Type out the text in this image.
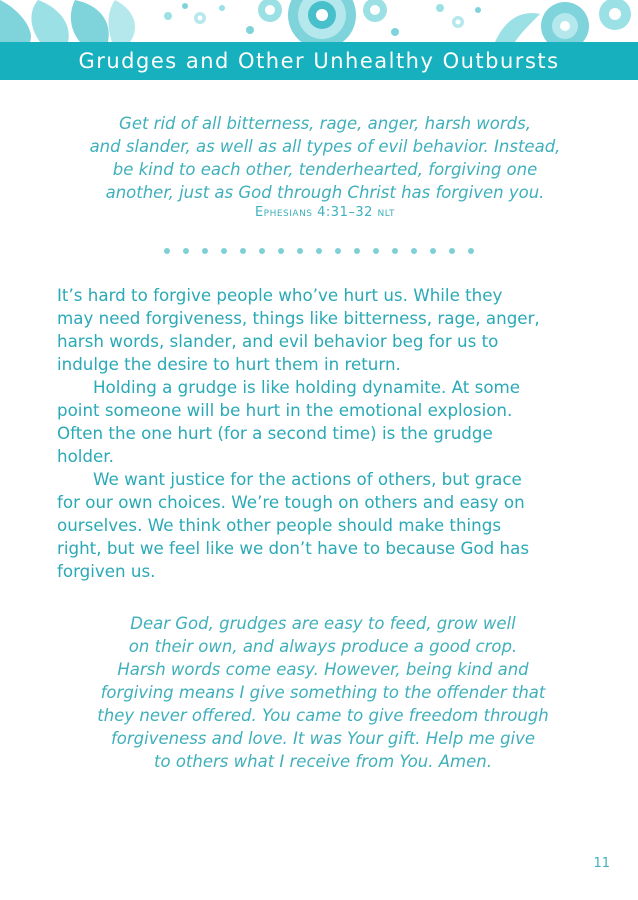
Grudges and Other Unhealthy Outbursts
Get rid of all bitterness, rage, anger, harsh words,
and slander, as well as all types of evil behavior. Instead,
be kind to each other, tenderhearted, forgiving one
another, just as God through Christ has forgiven you.
Ephesians 4:31–32 nlt
It’s hard to forgive people who’ve hurt us. While they
may need forgiveness, things like bitterness, rage, anger,
harsh words, slander, and evil behavior beg for us to
indulge the desire to hurt them in return.
Holding a grudge is like holding dynamite. At some
point someone will be hurt in the emotional explosion.
Often the one hurt (for a second time) is the grudge
holder.
We want justice for the actions of others, but grace
for our own choices. We’re tough on others and easy on
ourselves. We think other people should make things
right, but we feel like we don’t have to because God has
forgiven us.
Dear God, grudges are easy to feed, grow well
on their own, and always produce a good crop.
Harsh words come easy. However, being kind and
forgiving means I give something to the offender that
they never offered. You came to give freedom through
forgiveness and love. It was Your gift. Help me give
to others what I receive from You. Amen.
11
